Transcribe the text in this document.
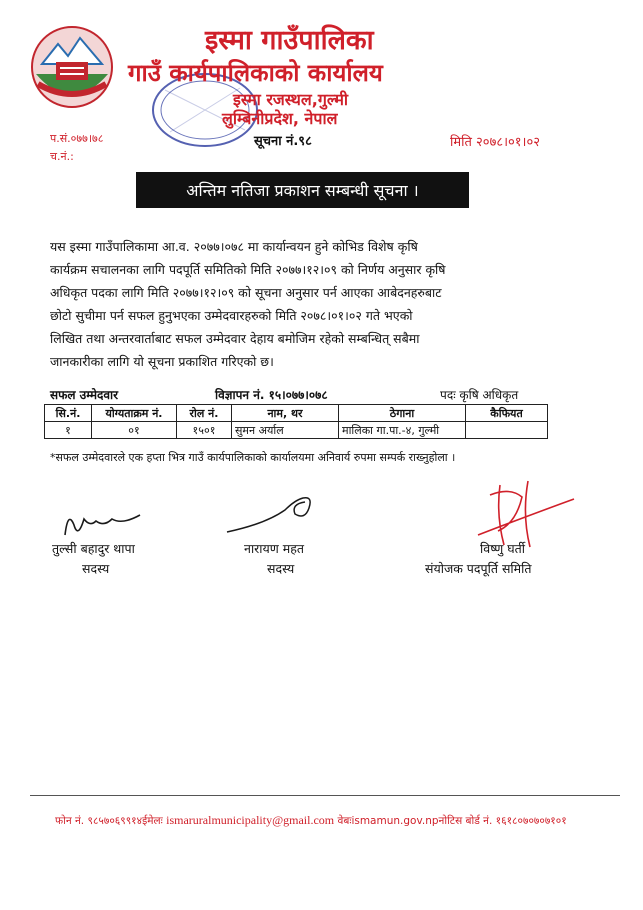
इस्मा गाउँपालिका
गाउँ कार्यपालिकाको कार्यालय
इस्मा रजस्थल,गुल्मी
लुम्बिनीप्रदेश, नेपाल
प.सं.०७७।७८
च.नं.:
सूचना नं.९८	मिति २०७८।०१।०२
अन्तिम नतिजा प्रकाशन सम्बन्धी सूचना ।
यस इस्मा गाउँपालिकामा आ.व. २०७७।०७८ मा कार्यान्वयन हुने कोभिड विशेष कृषि
कार्यक्रम सचालनका लागि पदपूर्ति समितिको मिति २०७७।१२।०९ को निर्णय अनुसार कृषि
अधिकृत पदका लागि मिति २०७७।१२।०९ को सूचना अनुसार पर्न आएका आबेदनहरुबाट
छोटो सुचीमा पर्न सफल हुनुभएका उम्मेदवारहरुको मिति २०७८।०१।०२ गते भएको
लिखित तथा अन्तरवार्ताबाट सफल उम्मेदवार देहाय बमोजिम रहेको सम्बन्धित् सबैमा
जानकारीका लागि यो सूचना प्रकाशित गरिएको छ।
सफल उम्मेदवार	विज्ञापन नं. १५।०७७।०७८	पदः कृषि अधिकृत
सि.नं.	योग्यताक्रम नं.	रोल नं.	नाम, थर	ठेगाना	कैफियत
१	०१	१५०१	सुमन अर्याल	मालिका गा.पा.-४, गुल्मी	
*सफल उम्मेदवारले एक हप्ता भित्र गाउँ कार्यपालिकाको कार्यालयमा अनिवार्य रुपमा सम्पर्क राख्नुहोला ।
तुल्सी बहादुर थापा
सदस्य
नारायण महत
सदस्य
विष्णु घर्ती
संयोजक पदपूर्ति समिति
फोन नं. ९८५७०६९९१४ईमेलः ismaruralmunicipality@gmail.com वेबःismamun.gov.npनोटिस बोर्ड नं. १६१८०७०७०७१०१
